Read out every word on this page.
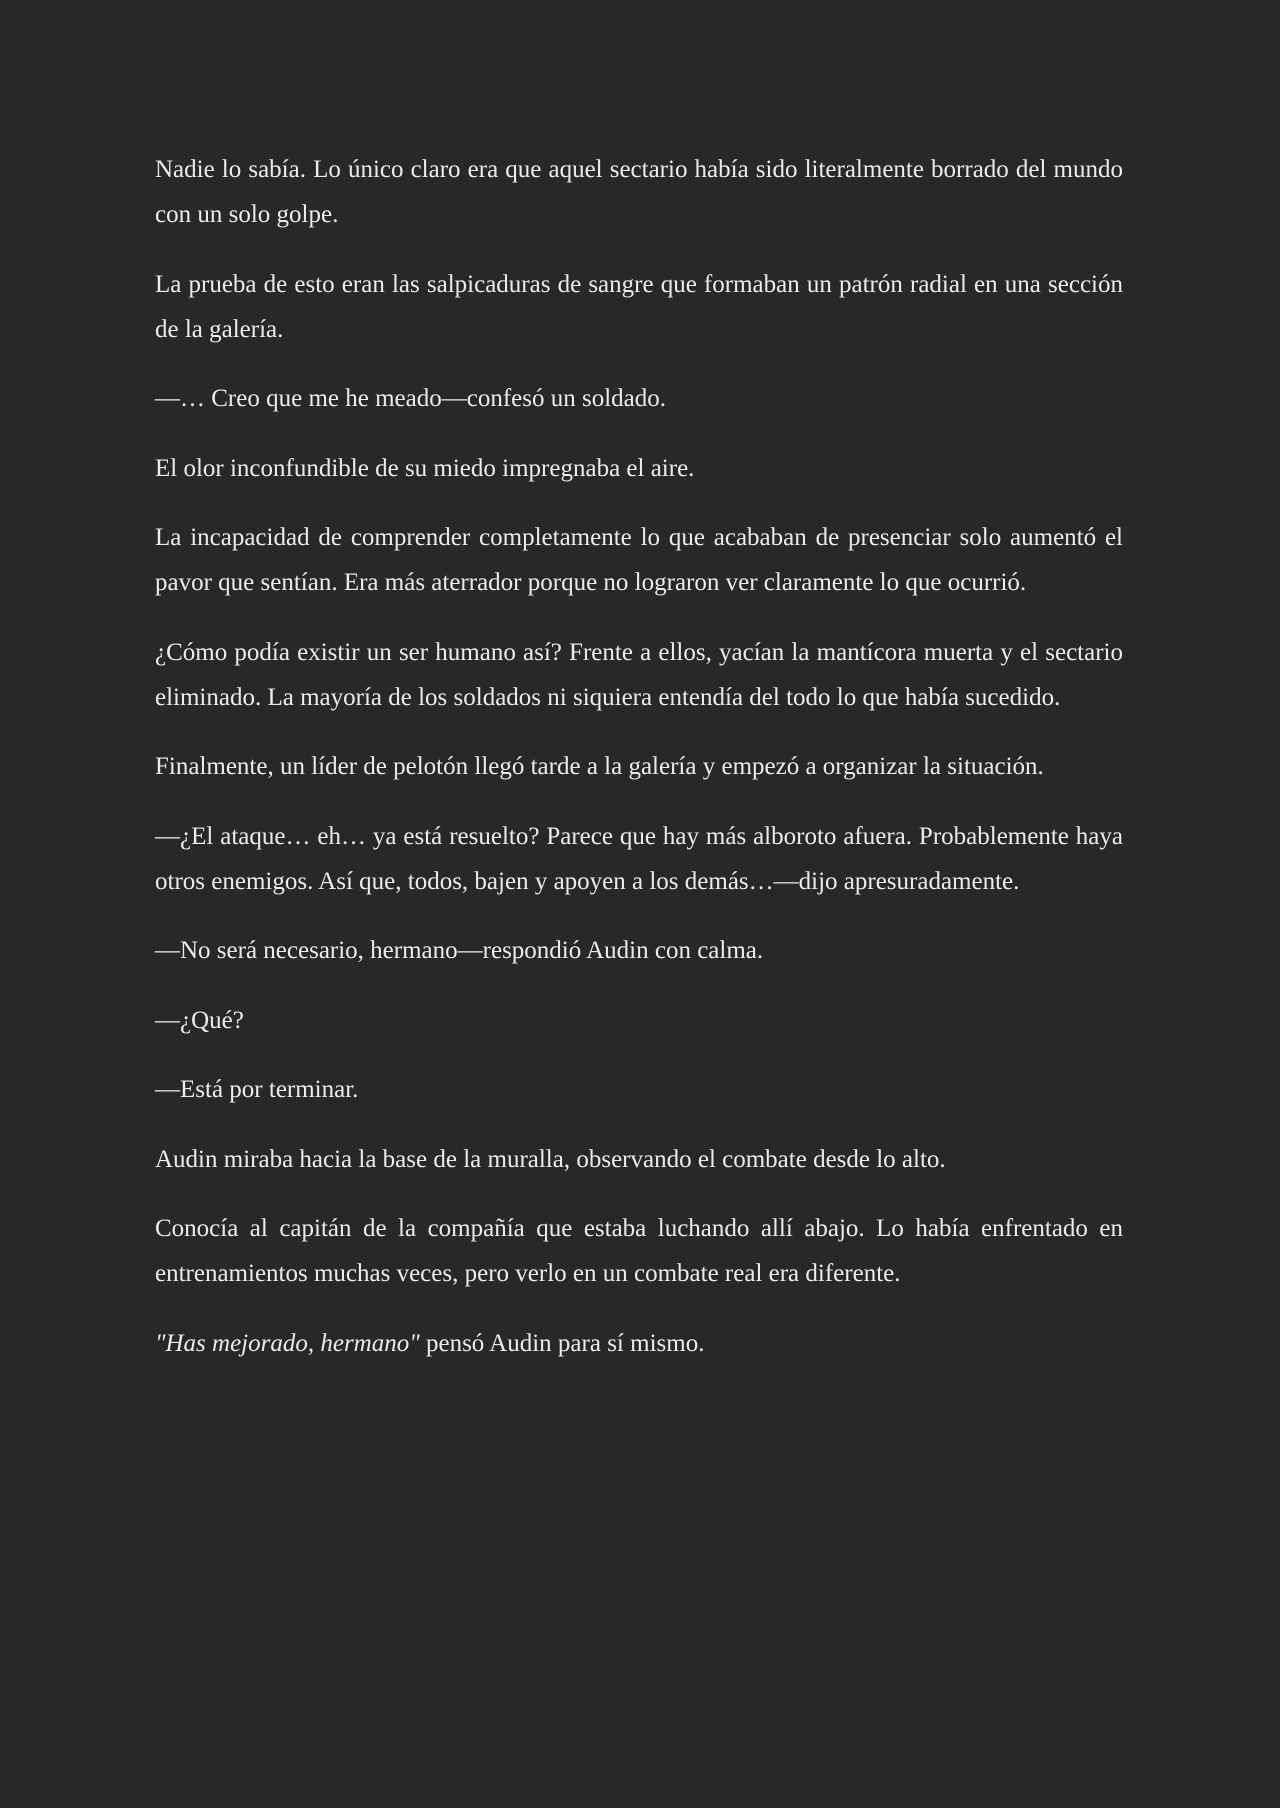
Nadie lo sabía. Lo único claro era que aquel sectario había sido literalmente borrado del mundo con un solo golpe.

La prueba de esto eran las salpicaduras de sangre que formaban un patrón radial en una sección de la galería.

—… Creo que me he meado—confesó un soldado.

El olor inconfundible de su miedo impregnaba el aire.

La incapacidad de comprender completamente lo que acababan de presenciar solo aumentó el pavor que sentían. Era más aterrador porque no lograron ver claramente lo que ocurrió.

¿Cómo podía existir un ser humano así? Frente a ellos, yacían la mantícora muerta y el sectario eliminado. La mayoría de los soldados ni siquiera entendía del todo lo que había sucedido.

Finalmente, un líder de pelotón llegó tarde a la galería y empezó a organizar la situación.

—¿El ataque… eh… ya está resuelto? Parece que hay más alboroto afuera. Probablemente haya otros enemigos. Así que, todos, bajen y apoyen a los demás…—dijo apresuradamente.

—No será necesario, hermano—respondió Audin con calma.

—¿Qué?

—Está por terminar.

Audin miraba hacia la base de la muralla, observando el combate desde lo alto.

Conocía al capitán de la compañía que estaba luchando allí abajo. Lo había enfrentado en entrenamientos muchas veces, pero verlo en un combate real era diferente.

"Has mejorado, hermano" pensó Audin para sí mismo.
